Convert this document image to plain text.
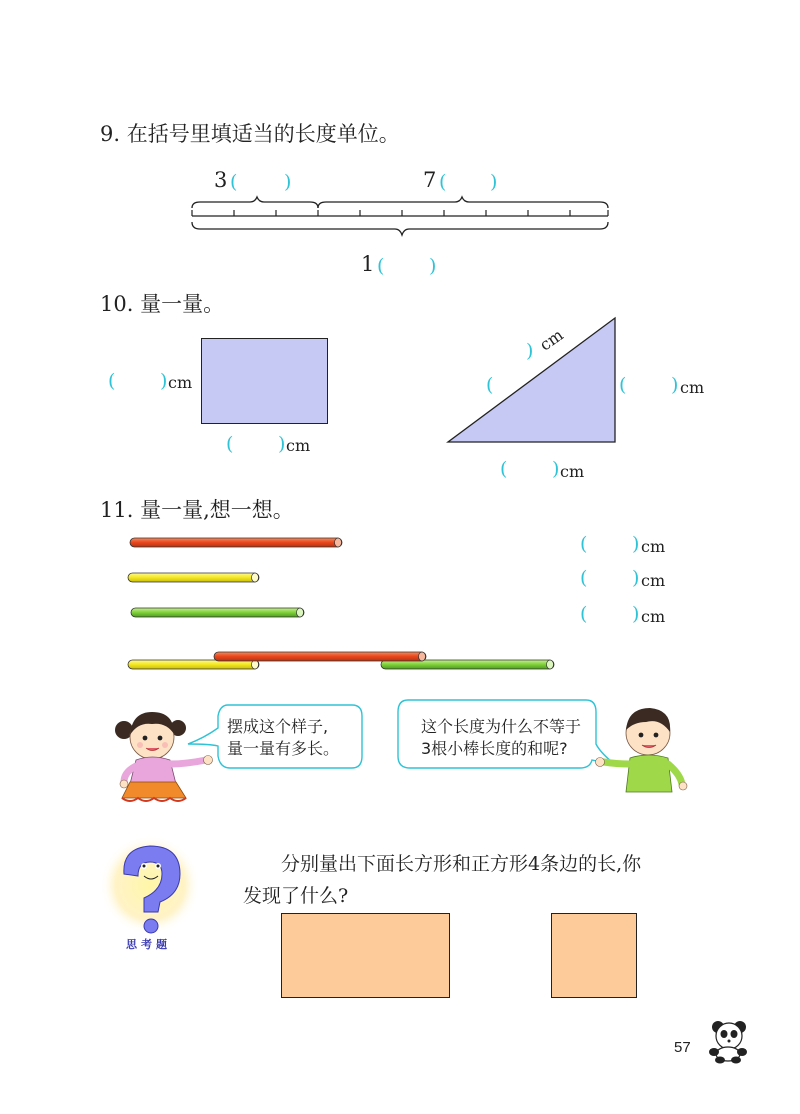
9. 在括号里填适当的长度单位。
3 ( )	7 ( )
1 ( )
10. 量一量。
( ) cm
( ) cm
) cm
(	( ) cm
( ) cm
11. 量一量,想一想。
( ) cm
( ) cm
( ) cm
摆成这个样子,
量一量有多长。
这个长度为什么不等于
3根小棒长度的和呢?
思考题
分别量出下面长方形和正方形4条边的长,你
发现了什么?
57
